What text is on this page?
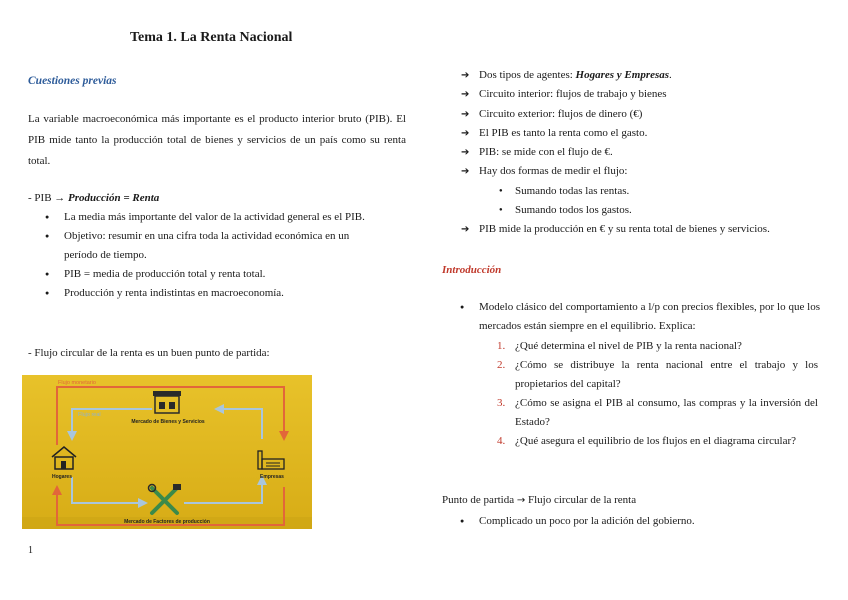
Tema 1. La Renta Nacional
Cuestiones previas
La variable macroeconómica más importante es el producto interior bruto (PIB). El PIB mide tanto la producción total de bienes y servicios de un país como su renta total.
- PIB → Producción = Renta
● La media más importante del valor de la actividad general es el PIB.
● Objetivo: resumir en una cifra toda la actividad económica en un período de tiempo.
● PIB = media de producción total y renta total.
● Producción y renta indistintas en macroeconomía.
- Flujo circular de la renta es un buen punto de partida:
Flujo monetario
Flujo real
Mercado de Bienes y Servicios
Hogares	Empresas
Mercado de Factores de producción
1
➔ Dos tipos de agentes: Hogares y Empresas.
➔ Circuito interior: flujos de trabajo y bienes
➔ Circuito exterior: flujos de dinero (€)
➔ El PIB es tanto la renta como el gasto.
➔ PIB: se mide con el flujo de €.
➔ Hay dos formas de medir el flujo:
● Sumando todas las rentas.
● Sumando todos los gastos.
➔ PIB mide la producción en € y su renta total de bienes y servicios.
Introducción
● Modelo clásico del comportamiento a l/p con precios flexibles, por lo que los mercados están siempre en el equilibrio. Explica:
1. ¿Qué determina el nivel de PIB y la renta nacional?
2. ¿Cómo se distribuye la renta nacional entre el trabajo y los propietarios del capital?
3. ¿Cómo se asigna el PIB al consumo, las compras y la inversión del Estado?
4. ¿Qué asegura el equilibrio de los flujos en el diagrama circular?
Punto de partida → Flujo circular de la renta
● Complicado un poco por la adición del gobierno.
